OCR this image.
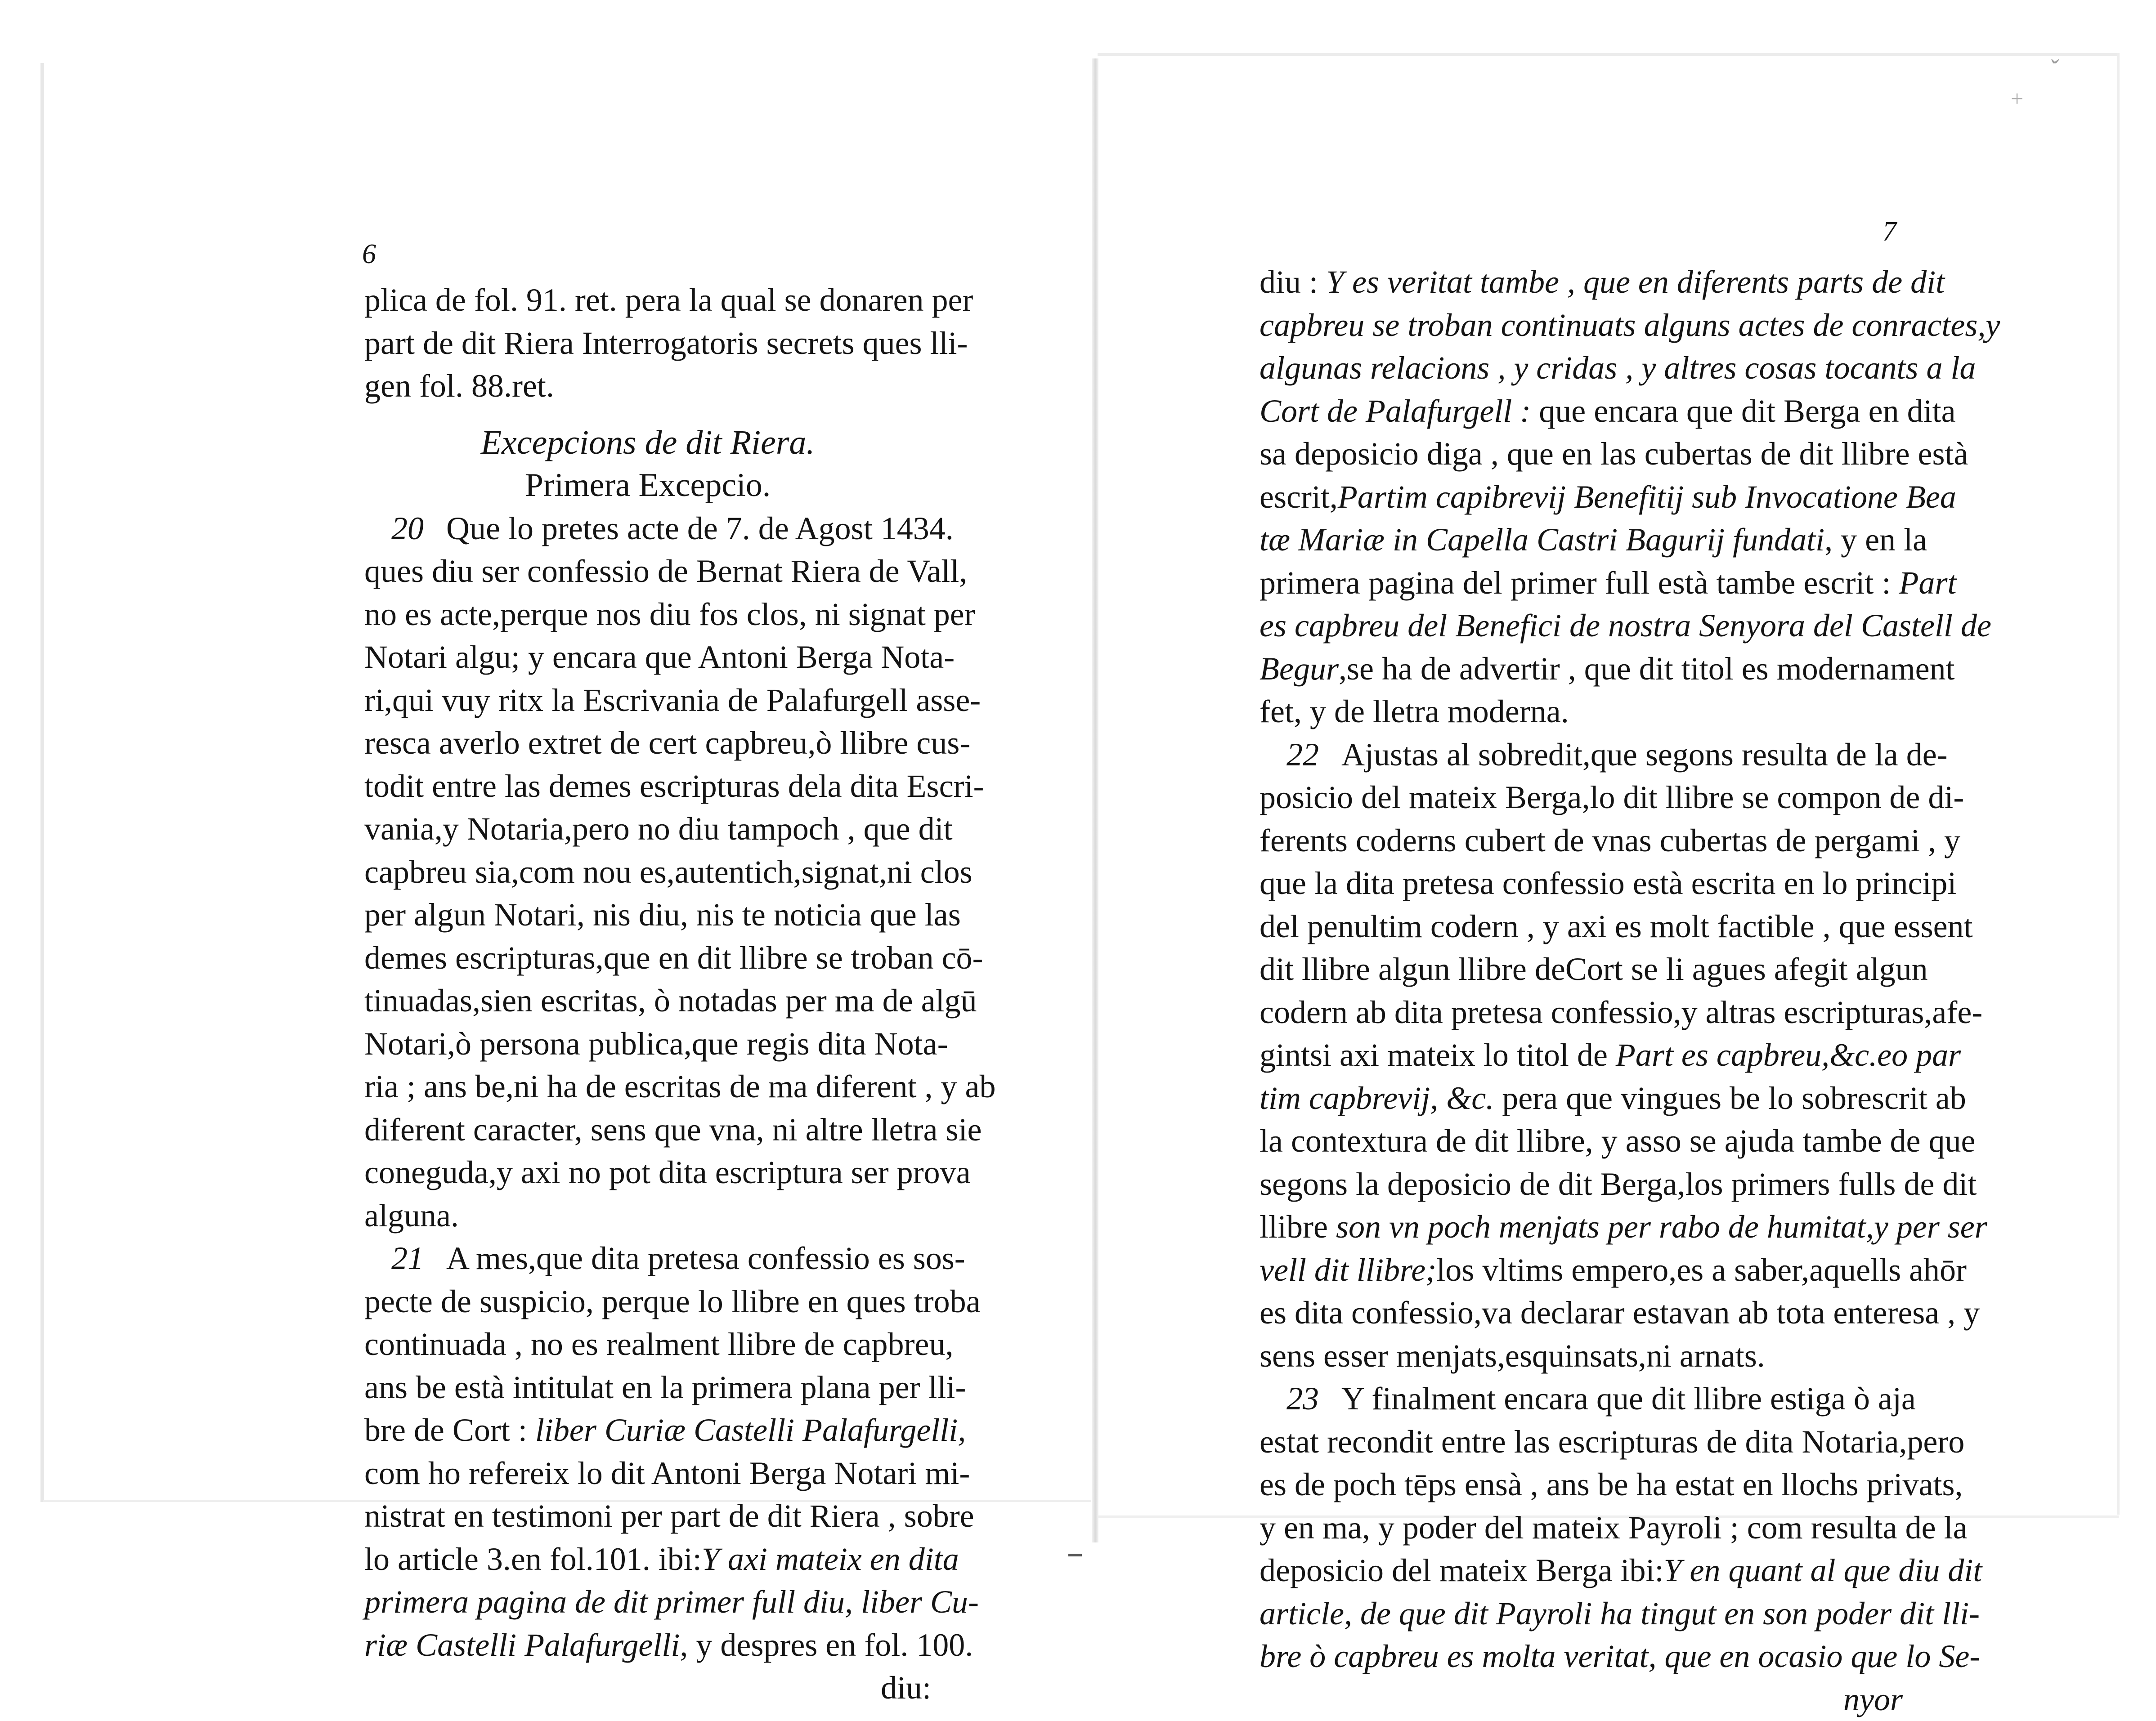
ˇ
+
6
plica de fol. 91. ret. pera la qual se donaren per
part de dit Riera Interrogatoris secrets ques lli-
gen fol. 88.ret.
Excepcions de dit Riera.
Primera Excepcio.
20 Que lo pretes acte de 7. de Agost 1434.
ques diu ser confessio de Bernat Riera de Vall,
no es acte,perque nos diu fos clos, ni signat per
Notari algu; y encara que Antoni Berga Nota-
ri,qui vuy ritx la Escrivania de Palafurgell asse-
resca averlo extret de cert capbreu,ò llibre cus-
todit entre las demes escripturas dela dita Escri-
vania,y Notaria,pero no diu tampoch , que dit
capbreu sia,com nou es,autentich,signat,ni clos
per algun Notari, nis diu, nis te noticia que las
demes escripturas,que en dit llibre se troban cō-
tinuadas,sien escritas, ò notadas per ma de algū
Notari,ò persona publica,que regis dita Nota-
ria ; ans be,ni ha de escritas de ma diferent , y ab
diferent caracter, sens que vna, ni altre lletra sie
coneguda,y axi no pot dita escriptura ser prova
alguna.
21 A mes,que dita pretesa confessio es sos-
pecte de suspicio, perque lo llibre en ques troba
continuada , no es realment llibre de capbreu,
ans be està intitulat en la primera plana per lli-
bre de Cort : liber Curiæ Castelli Palafurgelli,
com ho refereix lo dit Antoni Berga Notari mi-
nistrat en testimoni per part de dit Riera , sobre
lo article 3.en fol.101. ibi:Y axi mateix en dita
primera pagina de dit primer full diu, liber Cu-
riæ Castelli Palafurgelli, y despres en fol. 100.
diu:
7
diu : Y es veritat tambe , que en diferents parts de dit
capbreu se troban continuats alguns actes de conractes,y
algunas relacions , y cridas , y altres cosas tocants a la
Cort de Palafurgell : que encara que dit Berga en dita
sa deposicio diga , que en las cubertas de dit llibre està
escrit,Partim capibrevij Benefitij sub Invocatione Bea
tæ Mariæ in Capella Castri Bagurij fundati, y en la
primera pagina del primer full està tambe escrit : Part
es capbreu del Benefici de nostra Senyora del Castell de
Begur,se ha de advertir , que dit titol es modernament
fet, y de lletra moderna.
22 Ajustas al sobredit,que segons resulta de la de-
posicio del mateix Berga,lo dit llibre se compon de di-
ferents coderns cubert de vnas cubertas de pergami , y
que la dita pretesa confessio està escrita en lo principi
del penultim codern , y axi es molt factible , que essent
dit llibre algun llibre deCort se li agues afegit algun
codern ab dita pretesa confessio,y altras escripturas,afe-
gintsi axi mateix lo titol de Part es capbreu,&c.eo par
tim capbrevij, &c. pera que vingues be lo sobrescrit ab
la contextura de dit llibre, y asso se ajuda tambe de que
segons la deposicio de dit Berga,los primers fulls de dit
llibre son vn poch menjats per rabo de humitat,y per ser
vell dit llibre;los vltims empero,es a saber,aquells ahōr
es dita confessio,va declarar estavan ab tota enteresa , y
sens esser menjats,esquinsats,ni arnats.
23 Y finalment encara que dit llibre estiga ò aja
estat recondit entre las escripturas de dita Notaria,pero
es de poch tēps ensà , ans be ha estat en llochs privats,
y en ma, y poder del mateix Payroli ; com resulta de la
deposicio del mateix Berga ibi:Y en quant al que diu dit
article, de que dit Payroli ha tingut en son poder dit lli-
bre ò capbreu es molta veritat, que en ocasio que lo Se-
nyor
